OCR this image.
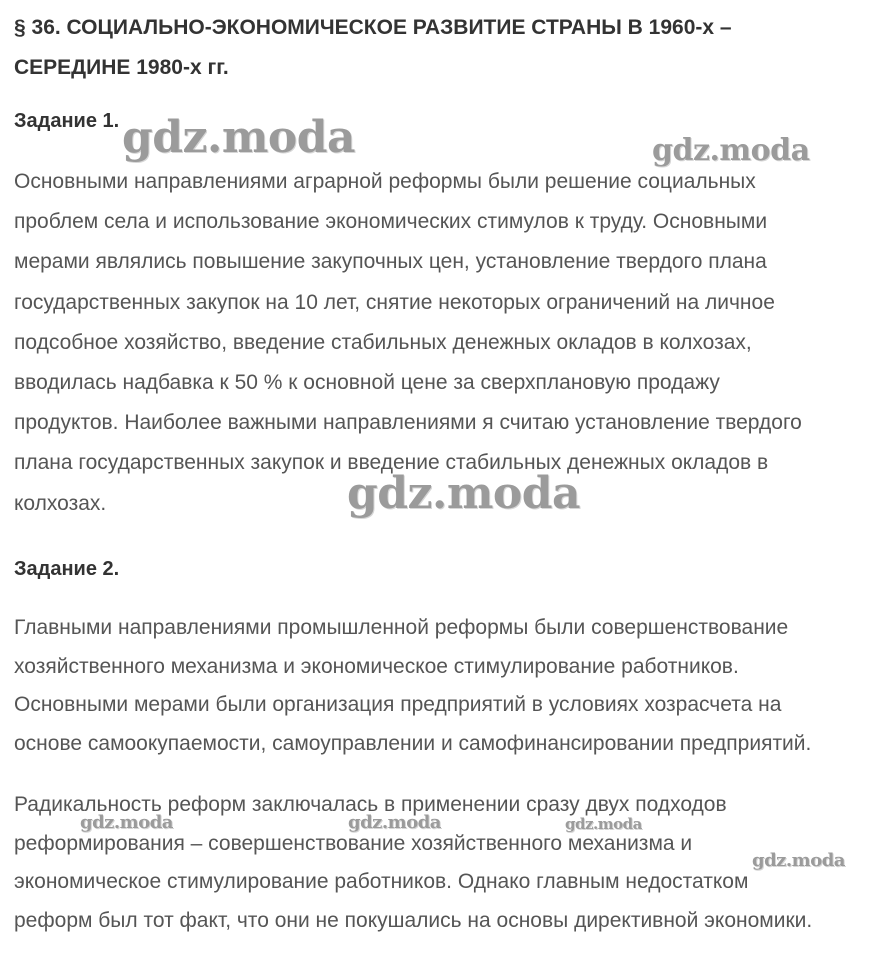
§ 36. СОЦИАЛЬНО-ЭКОНОМИЧЕСКОЕ РАЗВИТИЕ СТРАНЫ В 1960-х –
СЕРЕДИНЕ 1980-х гг.
Задание 1.

Основными направлениями аграрной реформы были решение социальных
проблем села и использование экономических стимулов к труду. Основными
мерами являлись повышение закупочных цен, установление твердого плана
государственных закупок на 10 лет, снятие некоторых ограничений на личное
подсобное хозяйство, введение стабильных денежных окладов в колхозах,
вводилась надбавка к 50 % к основной цене за сверхплановую продажу
продуктов. Наиболее важными направлениями я считаю установление твердого
плана государственных закупок и введение стабильных денежных окладов в
колхозах.

Задание 2.

Главными направлениями промышленной реформы были совершенствование
хозяйственного механизма и экономическое стимулирование работников.
Основными мерами были организация предприятий в условиях хозрасчета на
основе самоокупаемости, самоуправлении и самофинансировании предприятий.

Радикальность реформ заключалась в применении сразу двух подходов
реформирования – совершенствование хозяйственного механизма и
экономическое стимулирование работников. Однако главным недостатком
реформ был тот факт, что они не покушались на основы директивной экономики.

gdz.moda	gdz.moda
gdz.moda
gdz.moda	gdz.moda	gdz.moda
gdz.moda
